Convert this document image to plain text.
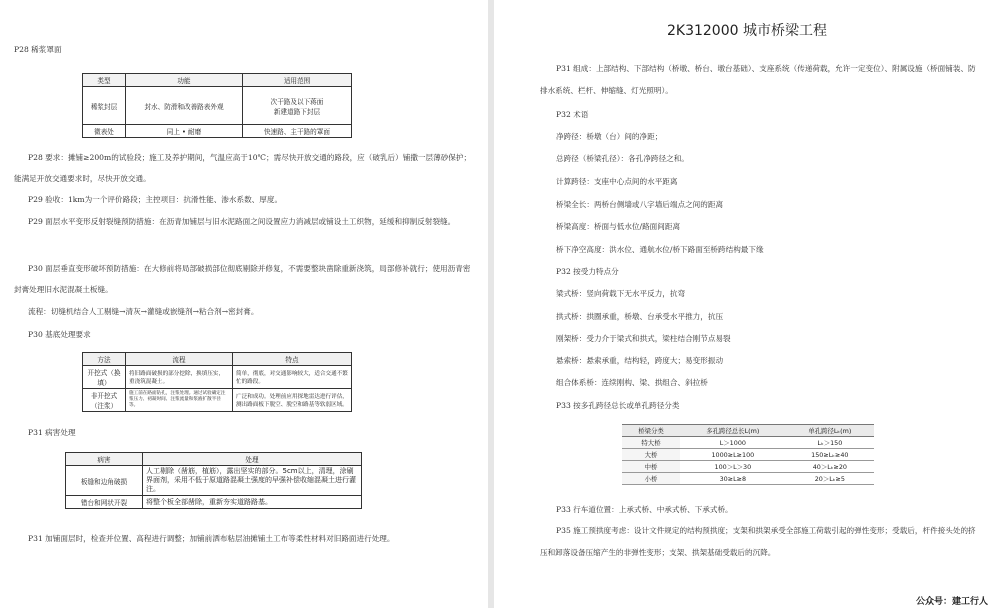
P28 稀浆罩面

类型	功能	适用范围
稀浆封层	封水、防滑和改善路表外观	次干路及以下蒋面
新建道路下封层
微表处	同上 • 耐磨	快速路、主干路的罩面

P28 要求：摊铺≥200m的试验段；施工及养护期间，气温应高于10℃；需尽快开放交通的路段，应（破乳后）铺撒一层薄砂保护；能满足开放交通要求时，尽快开放交通。

P29 验收：1km为一个评价路段；主控项目：抗滑性能、渗水系数、厚度。

P29 面层水平变形反射裂缝预防措施：在沥青加铺层与旧水泥路面之间设置应力消减层或铺设土工织物，延缓和抑制反射裂缝。

P30 面层垂直变形破坏预防措施：在大修前将局部破损部位彻底剔除并修复，不需要整块凿除重新浇筑，局部修补就行；使用沥青密封膏处理旧水泥混凝土板缝。

流程：切缝机结合人工剔缝→清灰→灌缝或嵌缝剂→粘合剂→密封膏。

P30 基底处理要求

方法	流程	特点
开挖式（换填）	将旧路面破损的部分挖除，换填压实，重浇筑混凝土。	简单，彻底，对交通影响较大，适合交通不繁忙的路段。
非开挖式（注浆）	施工前在路面钻孔，注浆处理。通过试验确定注浆压力、初凝时间、注浆流量和浆液扩散半径等。	广泛和成功。处理前应用探地雷达进行评估，测出路面板下脱空、脱空和路基等软弱区域。

P31 病害处理

病害	处理
板缝和边角破损	人工剔除（凿筋，植筋），露出坚实的部分。5cm以上，清理，涂刷界面剂，采用不低于原道路混凝土强度的早强补偿收缩混凝土进行灌注。
错台和网状开裂	将整个板全部凿除，重新夯实道路路基。

P31 加铺面层时，检查并位置、高程进行调整；加铺前洒布粘层油摊铺土工布等柔性材料对旧路面进行处理。

2K312000 城市桥梁工程

P31 组成：上部结构、下部结构（桥墩、桥台、墩台基础）、支座系统（传递荷载，允许一定变位）、附属设施（桥面铺装、防排水系统、栏杆、伸缩缝、灯光照明）。

P32 术语

净跨径：桥墩（台）间的净距；

总跨径（桥梁孔径）：各孔净跨径之和。

计算跨径：支座中心点间的水平距离

桥梁全长：两桥台侧墙或八字墙后端点之间的距离

桥梁高度：桥面与低水位/路面间距离

桥下净空高度：洪水位、通航水位/桥下路面至桥跨结构最下缘

P32 按受力特点分

梁式桥：竖向荷载下无水平反力，抗弯

拱式桥：拱圈承重，桥墩、台承受水平推力，抗压

刚架桥：受力介于梁式和拱式，梁柱结合刚节点易裂

悬索桥：悬索承重，结构轻，跨度大；易变形振动

组合体系桥：连续刚构、梁、拱组合、斜拉桥

P33 按多孔跨径总长或单孔跨径分类

桥梁分类	多孔跨径总长L(m)	单孔跨径Lₖ(m)
特大桥	L＞1000	Lₖ＞150
大桥	1000≥L≥100	150≥Lₖ≥40
中桥	100＞L＞30	40＞Lₖ≥20
小桥	30≥L≥8	20＞Lₖ≥5

P33 行车道位置：上承式桥、中承式桥、下承式桥。

P35 施工预拱度考虑：设计文件规定的结构预拱度；支架和拱架承受全部施工荷载引起的弹性变形；受载后，杆件接头处的挤压和卸落设备压缩产生的非弹性变形；支架、拱架基础受载后的沉降。

公众号：建工行人
